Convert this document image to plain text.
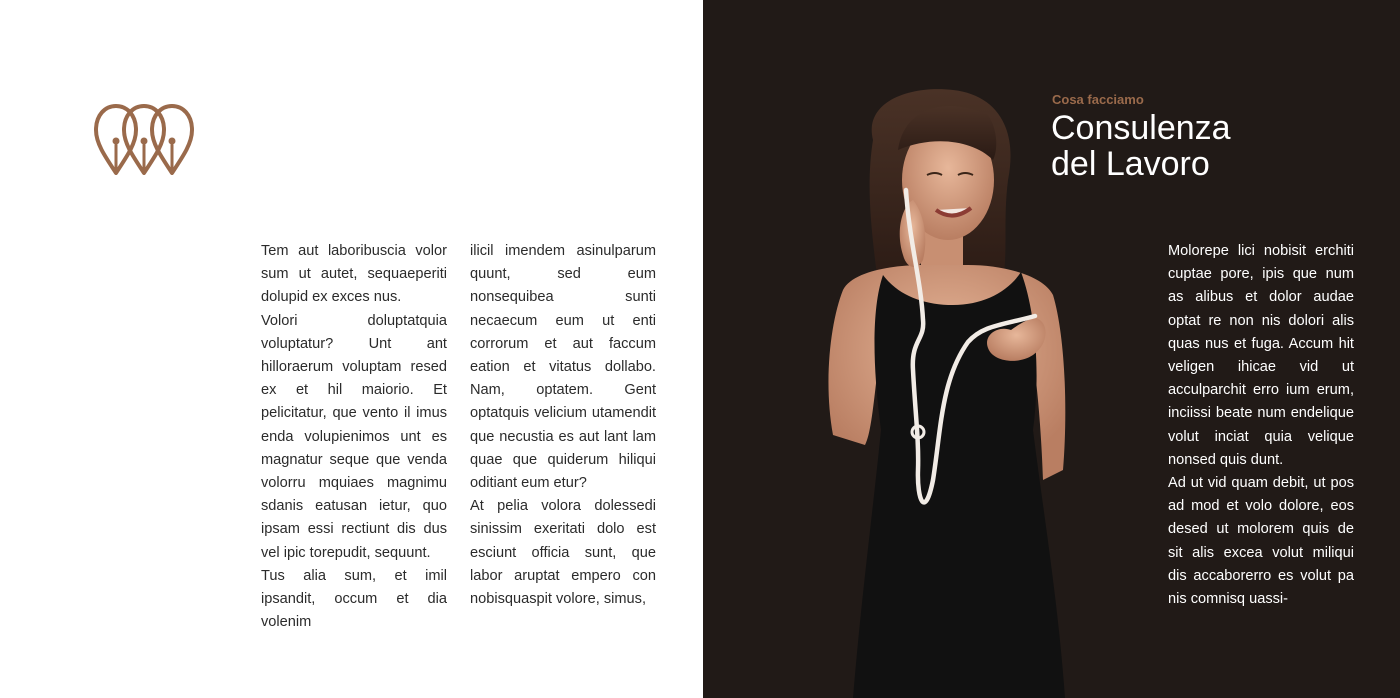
Tem aut laboribuscia volor sum ut autet, sequaeperiti dolupid ex exces nus.

Volori doluptatquia voluptatur? Unt ant hilloraerum voluptam resed ex et hil maiorio. Et pelicitatur, que vento il imus enda volupienimos unt es magnatur seque que venda volorru mquiaes magnimu sdanis eatusan ietur, quo ipsam essi rectiunt dis dus vel ipic torepudit, sequunt.

Tus alia sum, et imil ipsandit, occum et dia volenim

ilicil imendem asinulparum quunt, sed eum nonsequibea sunti necaecum eum ut enti corrorum et aut faccum eation et vitatus dollabo. Nam, optatem. Gent optatquis velicium utamendit que necustia es aut lant lam quae que quiderum hiliqui oditiant eum etur?

At pelia volora dolessedi sinissim exeritati dolo est esciunt officia sunt, que labor aruptat empero con nobisquaspit volore, simus,

Cosa facciamo
Consulenza
del Lavoro

Molorepe lici nobisit erchiti cuptae pore, ipis que num as alibus et dolor audae optat re non nis dolori alis quas nus et fuga. Accum hit veligen ihicae vid ut acculparchit erro ium erum, inciissi beate num endelique volut inciat quia velique nonsed quis dunt.

Ad ut vid quam debit, ut pos ad mod et volo dolore, eos desed ut molorem quis de sit alis excea volut miliqui dis accaborerro es volut pa nis comnisq uassi-
